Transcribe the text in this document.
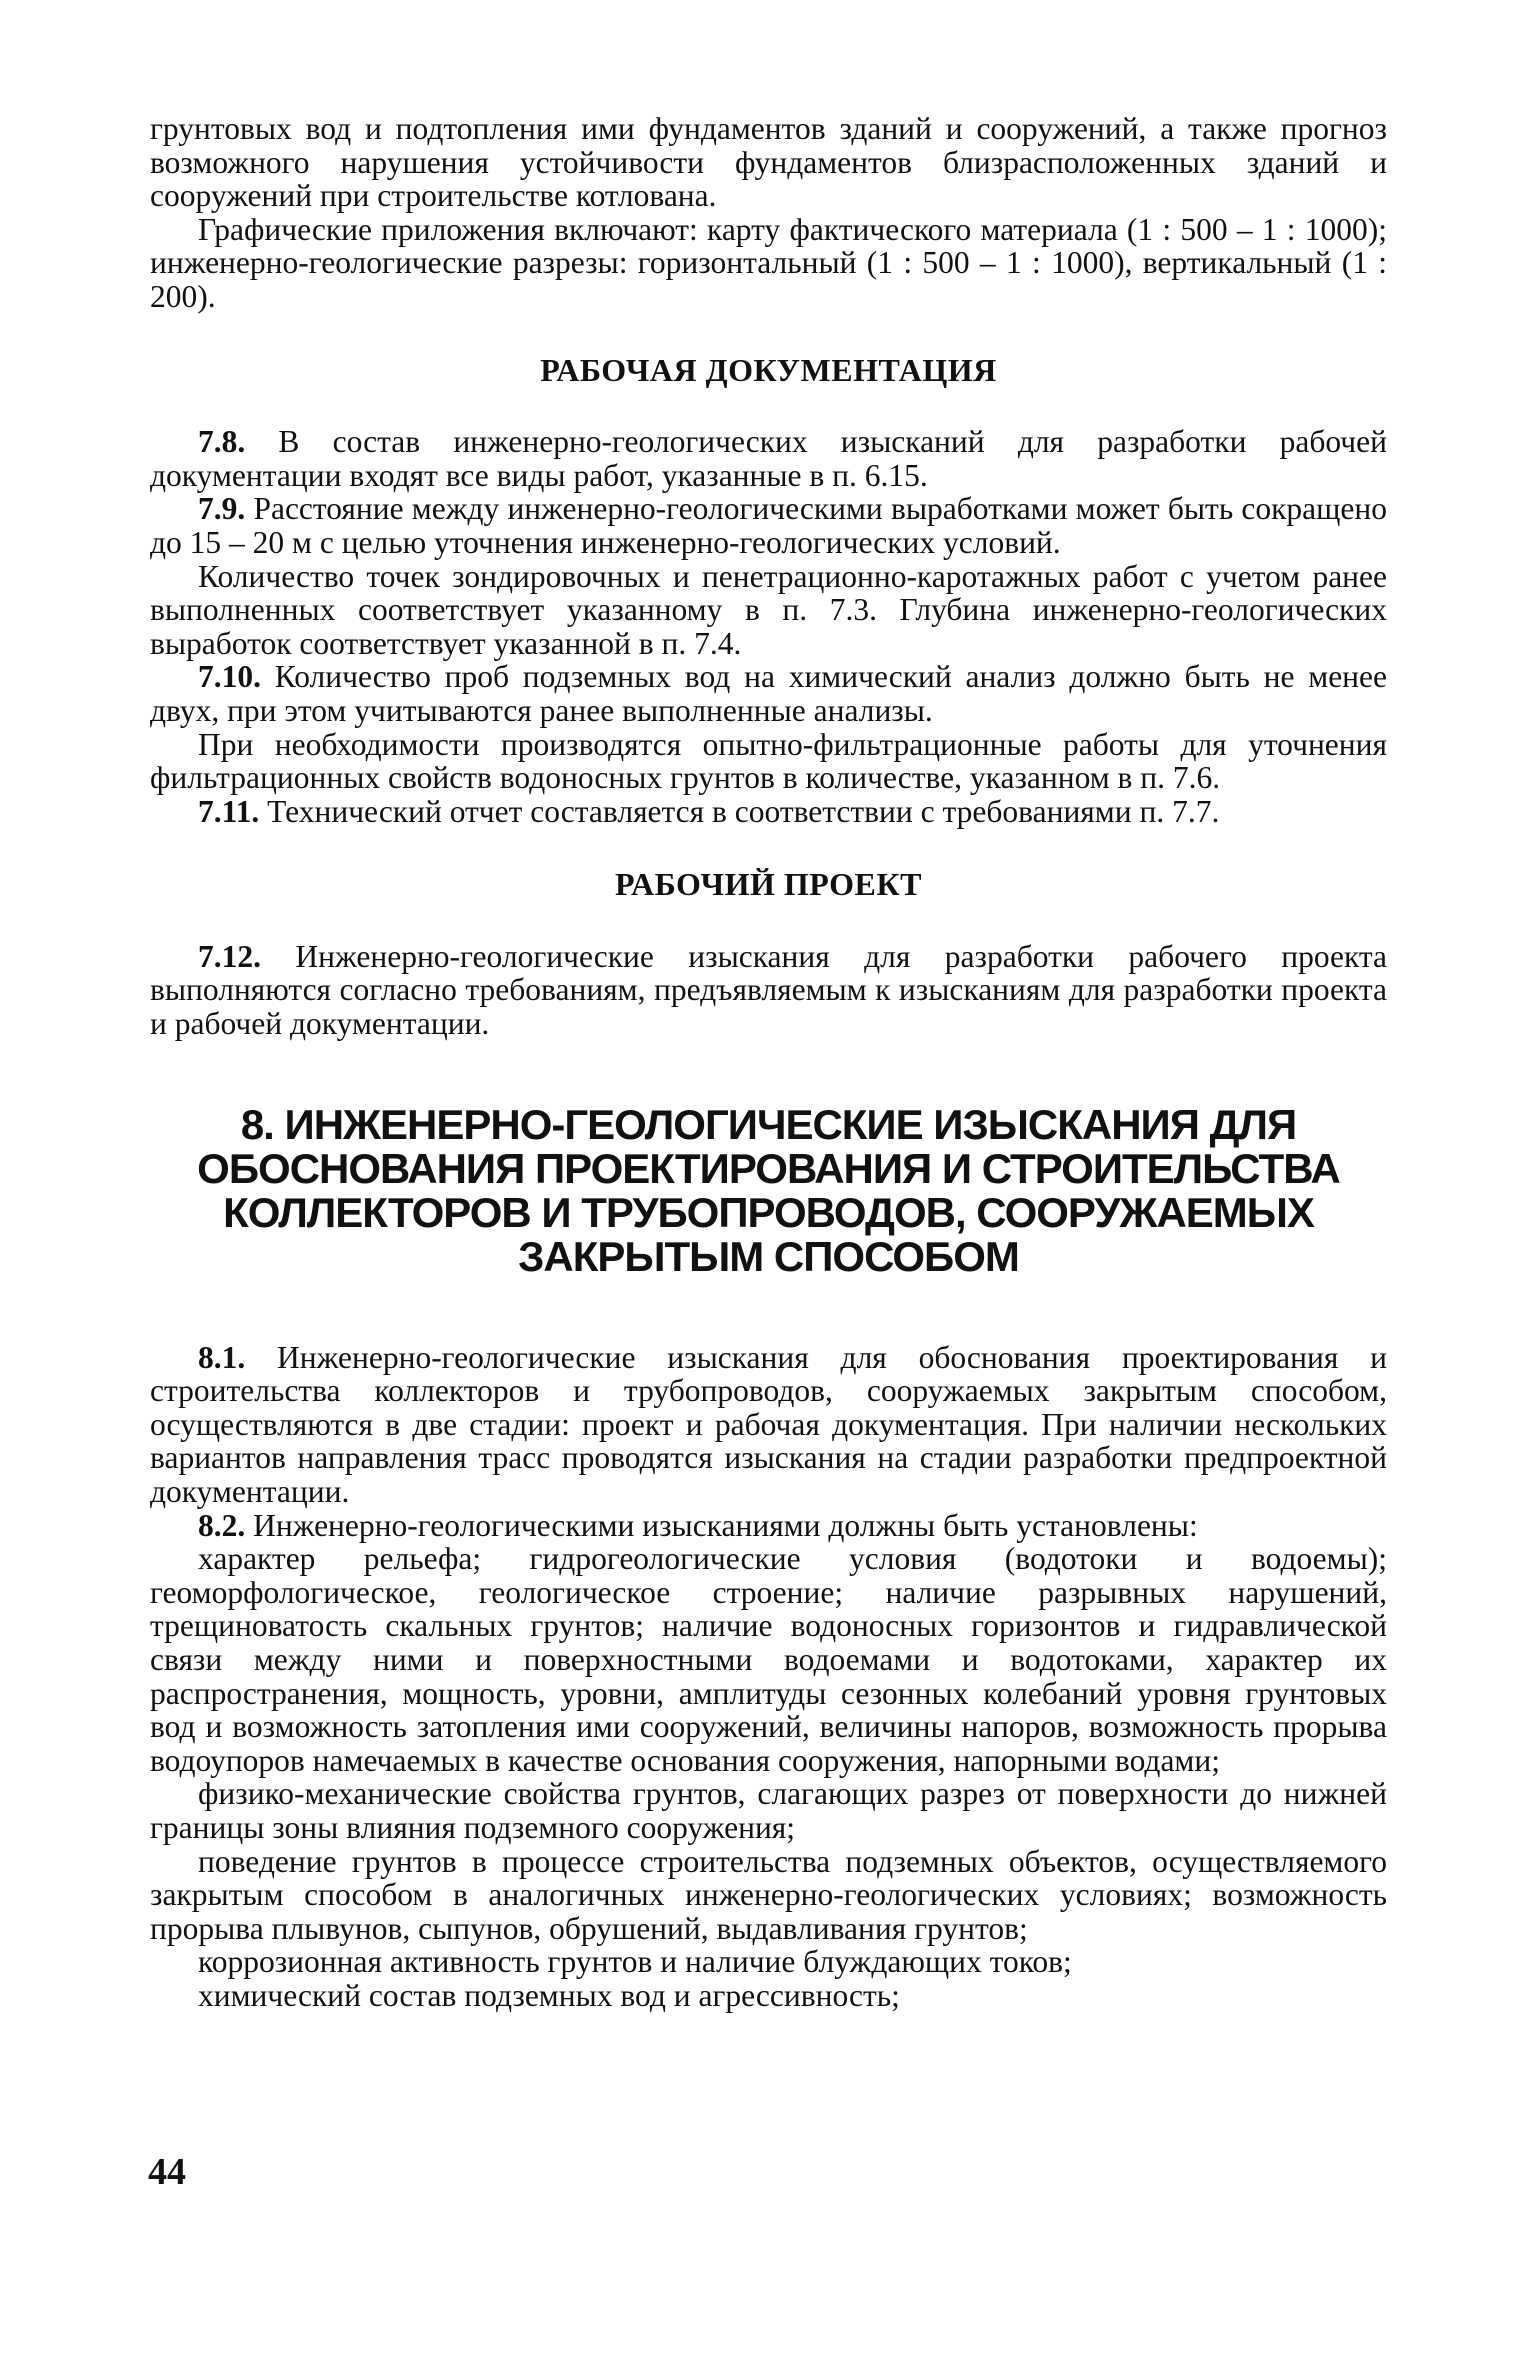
грунтовых вод и подтопления ими фундаментов зданий и сооружений, а также прогноз возможного нарушения устойчивости фундаментов близрасположенных зданий и сооружений при строительстве котлована.

Графические приложения включают: карту фактического материала (1 : 500 – 1 : 1000); инженерно-геологические разрезы: горизонтальный (1 : 500 – 1 : 1000), вертикальный (1 : 200).

РАБОЧАЯ ДОКУМЕНТАЦИЯ

7.8. В состав инженерно-геологических изысканий для разработки рабочей документации входят все виды работ, указанные в п. 6.15.

7.9. Расстояние между инженерно-геологическими выработками может быть сокращено до 15 – 20 м с целью уточнения инженерно-геологических условий.

Количество точек зондировочных и пенетрационно-каротажных работ с учетом ранее выполненных соответствует указанному в п. 7.3. Глубина инженерно-геологических выработок соответствует указанной в п. 7.4.

7.10. Количество проб подземных вод на химический анализ должно быть не менее двух, при этом учитываются ранее выполненные анализы.

При необходимости производятся опытно-фильтрационные работы для уточнения фильтрационных свойств водоносных грунтов в количестве, указанном в п. 7.6.

7.11. Технический отчет составляется в соответствии с требованиями п. 7.7.

РАБОЧИЙ ПРОЕКТ

7.12. Инженерно-геологические изыскания для разработки рабочего проекта выполняются согласно требованиям, предъявляемым к изысканиям для разработки проекта и рабочей документации.

8. ИНЖЕНЕРНО-ГЕОЛОГИЧЕСКИЕ ИЗЫСКАНИЯ ДЛЯ
ОБОСНОВАНИЯ ПРОЕКТИРОВАНИЯ И СТРОИТЕЛЬСТВА
КОЛЛЕКТОРОВ И ТРУБОПРОВОДОВ, СООРУЖАЕМЫХ
ЗАКРЫТЫМ СПОСОБОМ

8.1. Инженерно-геологические изыскания для обоснования проектирования и строительства коллекторов и трубопроводов, сооружаемых закрытым способом, осуществляются в две стадии: проект и рабочая документация. При наличии нескольких вариантов направления трасс проводятся изыскания на стадии разработки предпроектной документации.

8.2. Инженерно-геологическими изысканиями должны быть установлены:

характер рельефа; гидрогеологические условия (водотоки и водоемы); геоморфологическое, геологическое строение; наличие разрывных нарушений, трещиноватость скальных грунтов; наличие водоносных горизонтов и гидравлической связи между ними и поверхностными водоемами и водотоками, характер их распространения, мощность, уровни, амплитуды сезонных колебаний уровня грунтовых вод и возможность затопления ими сооружений, величины напоров, возможность прорыва водоупоров намечаемых в качестве основания сооружения, напорными водами;

физико-механические свойства грунтов, слагающих разрез от поверхности до нижней границы зоны влияния подземного сооружения;

поведение грунтов в процессе строительства подземных объектов, осуществляемого закрытым способом в аналогичных инженерно-геологических условиях; возможность прорыва плывунов, сыпунов, обрушений, выдавливания грунтов;

коррозионная активность грунтов и наличие блуждающих токов;

химический состав подземных вод и агрессивность;

44
